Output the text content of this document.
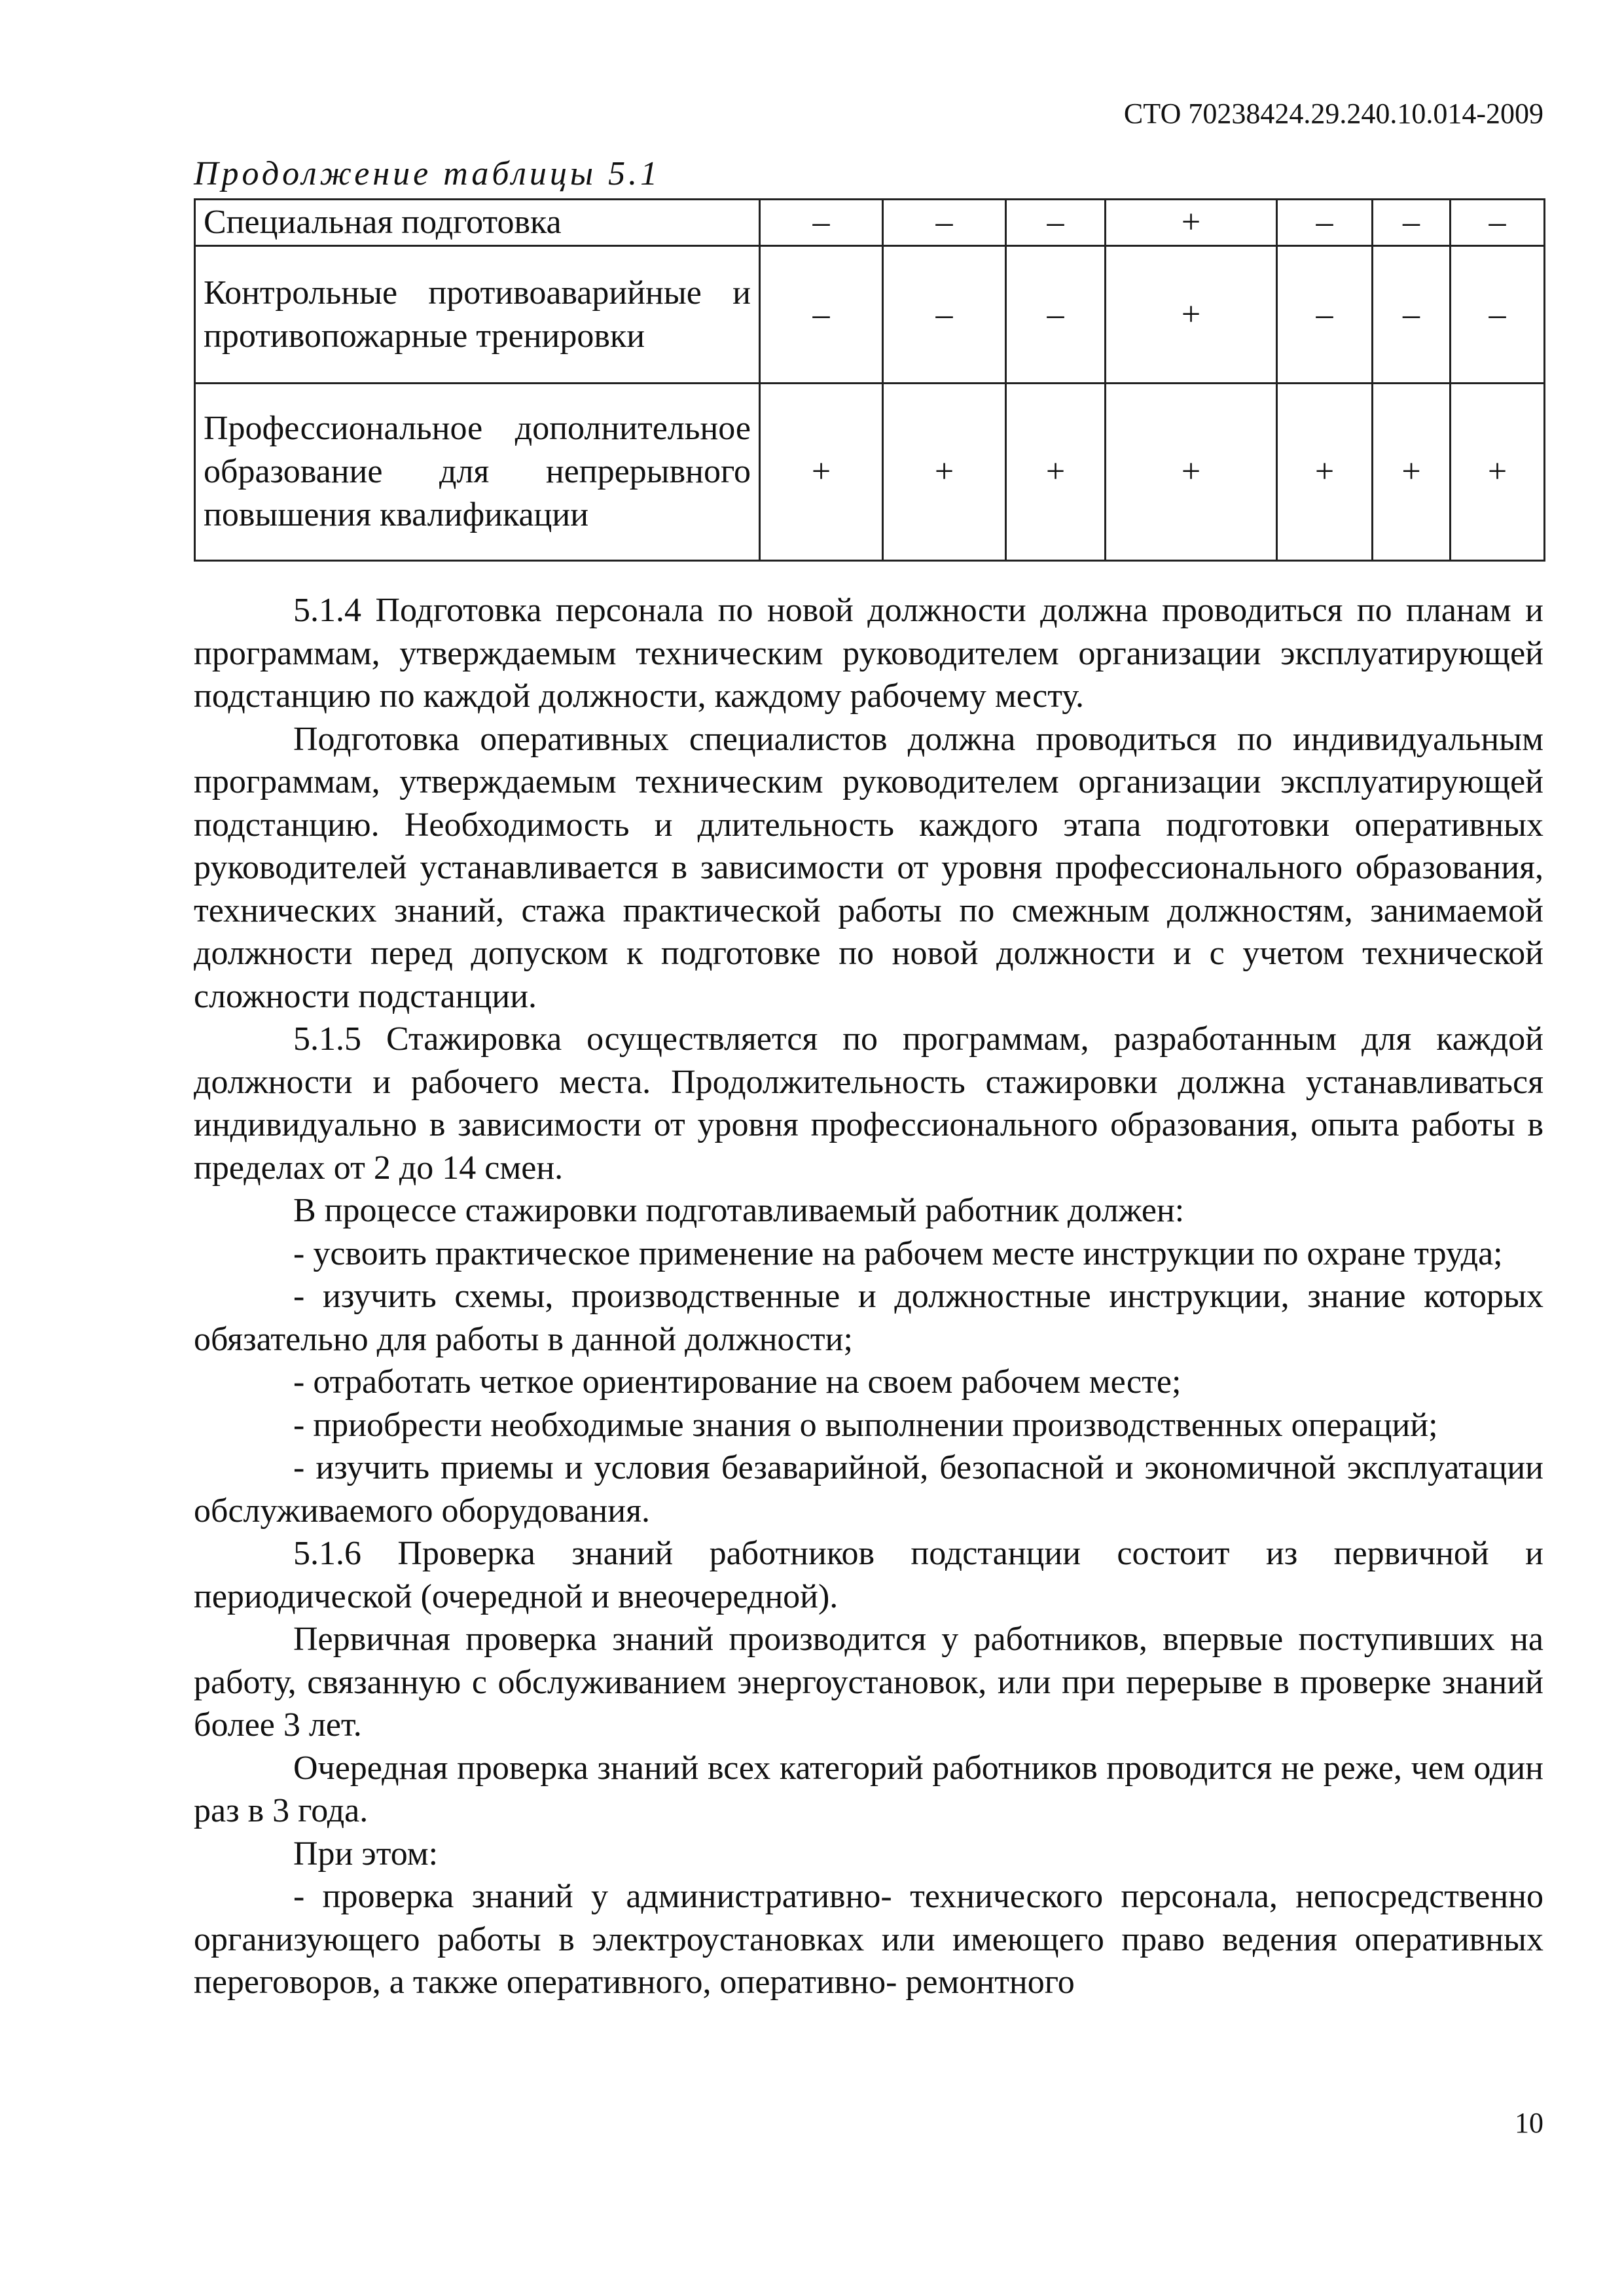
СТО 70238424.29.240.10.014-2009
Продолжение таблицы 5.1
Специальная подготовка	–	–	–	+	–	–	–
Контрольные противоаварийные и противопожарные тренировки	–	–	–	+	–	–	–
Профессиональное дополнительное образование для непрерывного повышения квалификации	+	+	+	+	+	+	+

5.1.4 Подготовка персонала по новой должности должна проводиться по планам и программам, утверждаемым техническим руководителем организации эксплуатирующей подстанцию по каждой должности, каждому рабочему месту.

Подготовка оперативных специалистов должна проводиться по индивидуальным программам, утверждаемым техническим руководителем организации эксплуатирующей подстанцию. Необходимость и длительность каждого этапа подготовки оперативных руководителей устанавливается в зависимости от уровня профессионального образования, технических знаний, стажа практической работы по смежным должностям, занимаемой должности перед допуском к подготовке по новой должности и с учетом технической сложности подстанции.

5.1.5 Стажировка осуществляется по программам, разработанным для каждой должности и рабочего места. Продолжительность стажировки должна устанавливаться индивидуально в зависимости от уровня профессионального образования, опыта работы в пределах от 2 до 14 смен.

В процессе стажировки подготавливаемый работник должен:

- усвоить практическое применение на рабочем месте инструкции по охране труда;

- изучить схемы, производственные и должностные инструкции, знание которых обязательно для работы в данной должности;

- отработать четкое ориентирование на своем рабочем месте;

- приобрести необходимые знания о выполнении производственных операций;

- изучить приемы и условия безаварийной, безопасной и экономичной эксплуатации обслуживаемого оборудования.

5.1.6 Проверка знаний работников подстанции состоит из первичной и периодической (очередной и внеочередной).

Первичная проверка знаний производится у работников, впервые поступивших на работу, связанную с обслуживанием энергоустановок, или при перерыве в проверке знаний более 3 лет.

Очередная проверка знаний всех категорий работников проводится не реже, чем один раз в 3 года.

При этом:

- проверка знаний у административно- технического персонала, непосредственно организующего работы в электроустановках или имеющего право ведения оперативных переговоров, а также оперативного, оперативно- ремонтного

10
